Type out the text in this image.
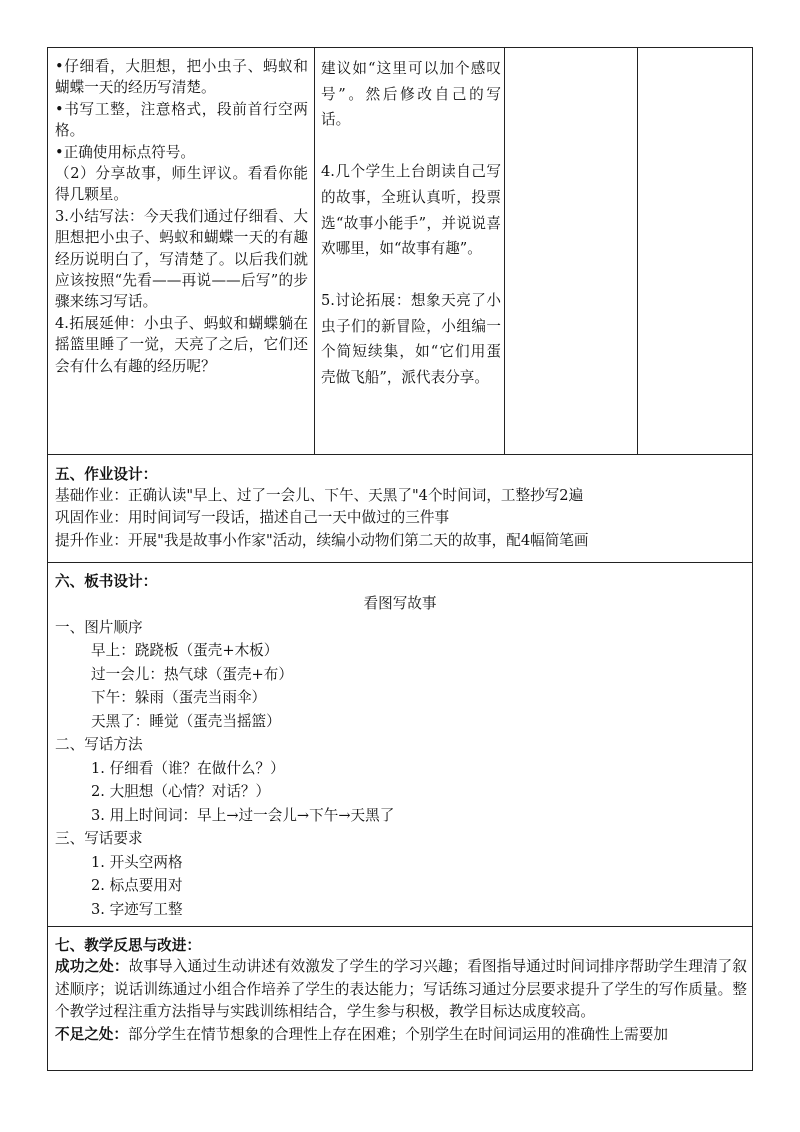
•仔细看，大胆想，把小虫子、蚂蚁和蝴蝶一天的经历写清楚。

•书写工整，注意格式，段前首行空两格。

•正确使用标点符号。

（2）分享故事，师生评议。看看你能得几颗星。

3.小结写法：今天我们通过仔细看、大胆想把小虫子、蚂蚁和蝴蝶一天的有趣经历说明白了，写清楚了。以后我们就应该按照“先看——再说——后写”的步骤来练习写话。

4.拓展延伸：小虫子、蚂蚁和蝴蝶躺在摇篮里睡了一觉，天亮了之后，它们还会有什么有趣的经历呢？

建议如“这里可以加个感叹号”。然后修改自己的写话。

4.几个学生上台朗读自己写的故事，全班认真听，投票选“故事小能手”，并说说喜欢哪里，如“故事有趣”。

5.讨论拓展：想象天亮了小虫子们的新冒险，小组编一个简短续集，如“它们用蛋壳做飞船”，派代表分享。

五、作业设计：

基础作业：正确认读"早上、过了一会儿、下午、天黑了"4个时间词，工整抄写2遍

巩固作业：用时间词写一段话，描述自己一天中做过的三件事

提升作业：开展"我是故事小作家"活动，续编小动物们第二天的故事，配4幅简笔画

六、板书设计：

看图写故事

一、图片顺序

早上：跷跷板（蛋壳+木板）

过一会儿：热气球（蛋壳+布）

下午：躲雨（蛋壳当雨伞）

天黑了：睡觉（蛋壳当摇篮）

二、写话方法

1. 仔细看（谁？在做什么？）

2. 大胆想（心情？对话？）

3. 用上时间词：早上→过一会儿→下午→天黑了

三、写话要求

1. 开头空两格

2. 标点要用对

3. 字迹写工整

七、教学反思与改进：

成功之处：故事导入通过生动讲述有效激发了学生的学习兴趣；看图指导通过时间词排序帮助学生理清了叙述顺序；说话训练通过小组合作培养了学生的表达能力；写话练习通过分层要求提升了学生的写作质量。整个教学过程注重方法指导与实践训练相结合，学生参与积极，教学目标达成度较高。

不足之处：部分学生在情节想象的合理性上存在困难；个别学生在时间词运用的准确性上需要加
